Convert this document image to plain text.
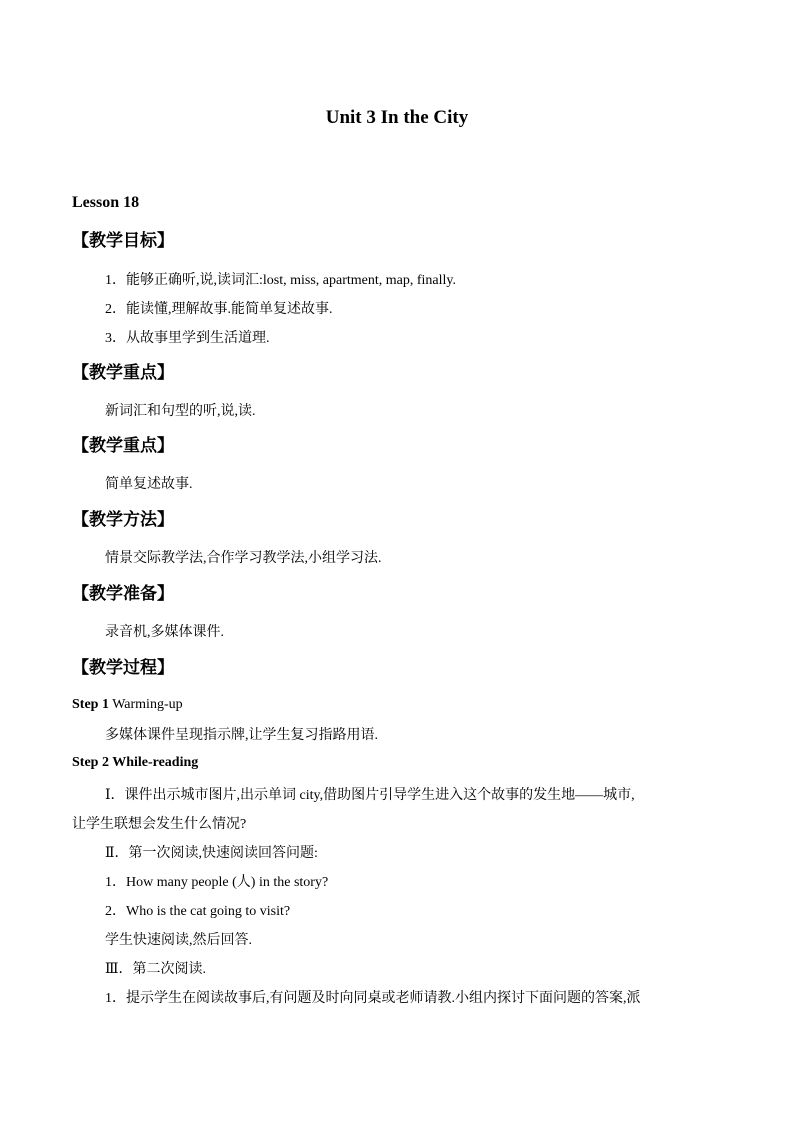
Unit 3 In the City
Lesson 18
【教学目标】
1．能够正确听,说,读词汇:lost, miss, apartment, map, finally.
2．能读懂,理解故事.能简单复述故事.
3．从故事里学到生活道理.
【教学重点】
新词汇和句型的听,说,读.
【教学重点】
简单复述故事.
【教学方法】
情景交际教学法,合作学习教学法,小组学习法.
【教学准备】
录音机,多媒体课件.
【教学过程】
Step 1 Warming-up
多媒体课件呈现指示牌,让学生复习指路用语.
Step 2 While-reading
Ⅰ．课件出示城市图片,出示单词 city,借助图片引导学生进入这个故事的发生地——城市,
让学生联想会发生什么情况?
Ⅱ．第一次阅读,快速阅读回答问题:
1．How many people (人) in the story?
2．Who is the cat going to visit?
学生快速阅读,然后回答.
Ⅲ．第二次阅读.
1．提示学生在阅读故事后,有问题及时向同桌或老师请教.小组内探讨下面问题的答案,派
